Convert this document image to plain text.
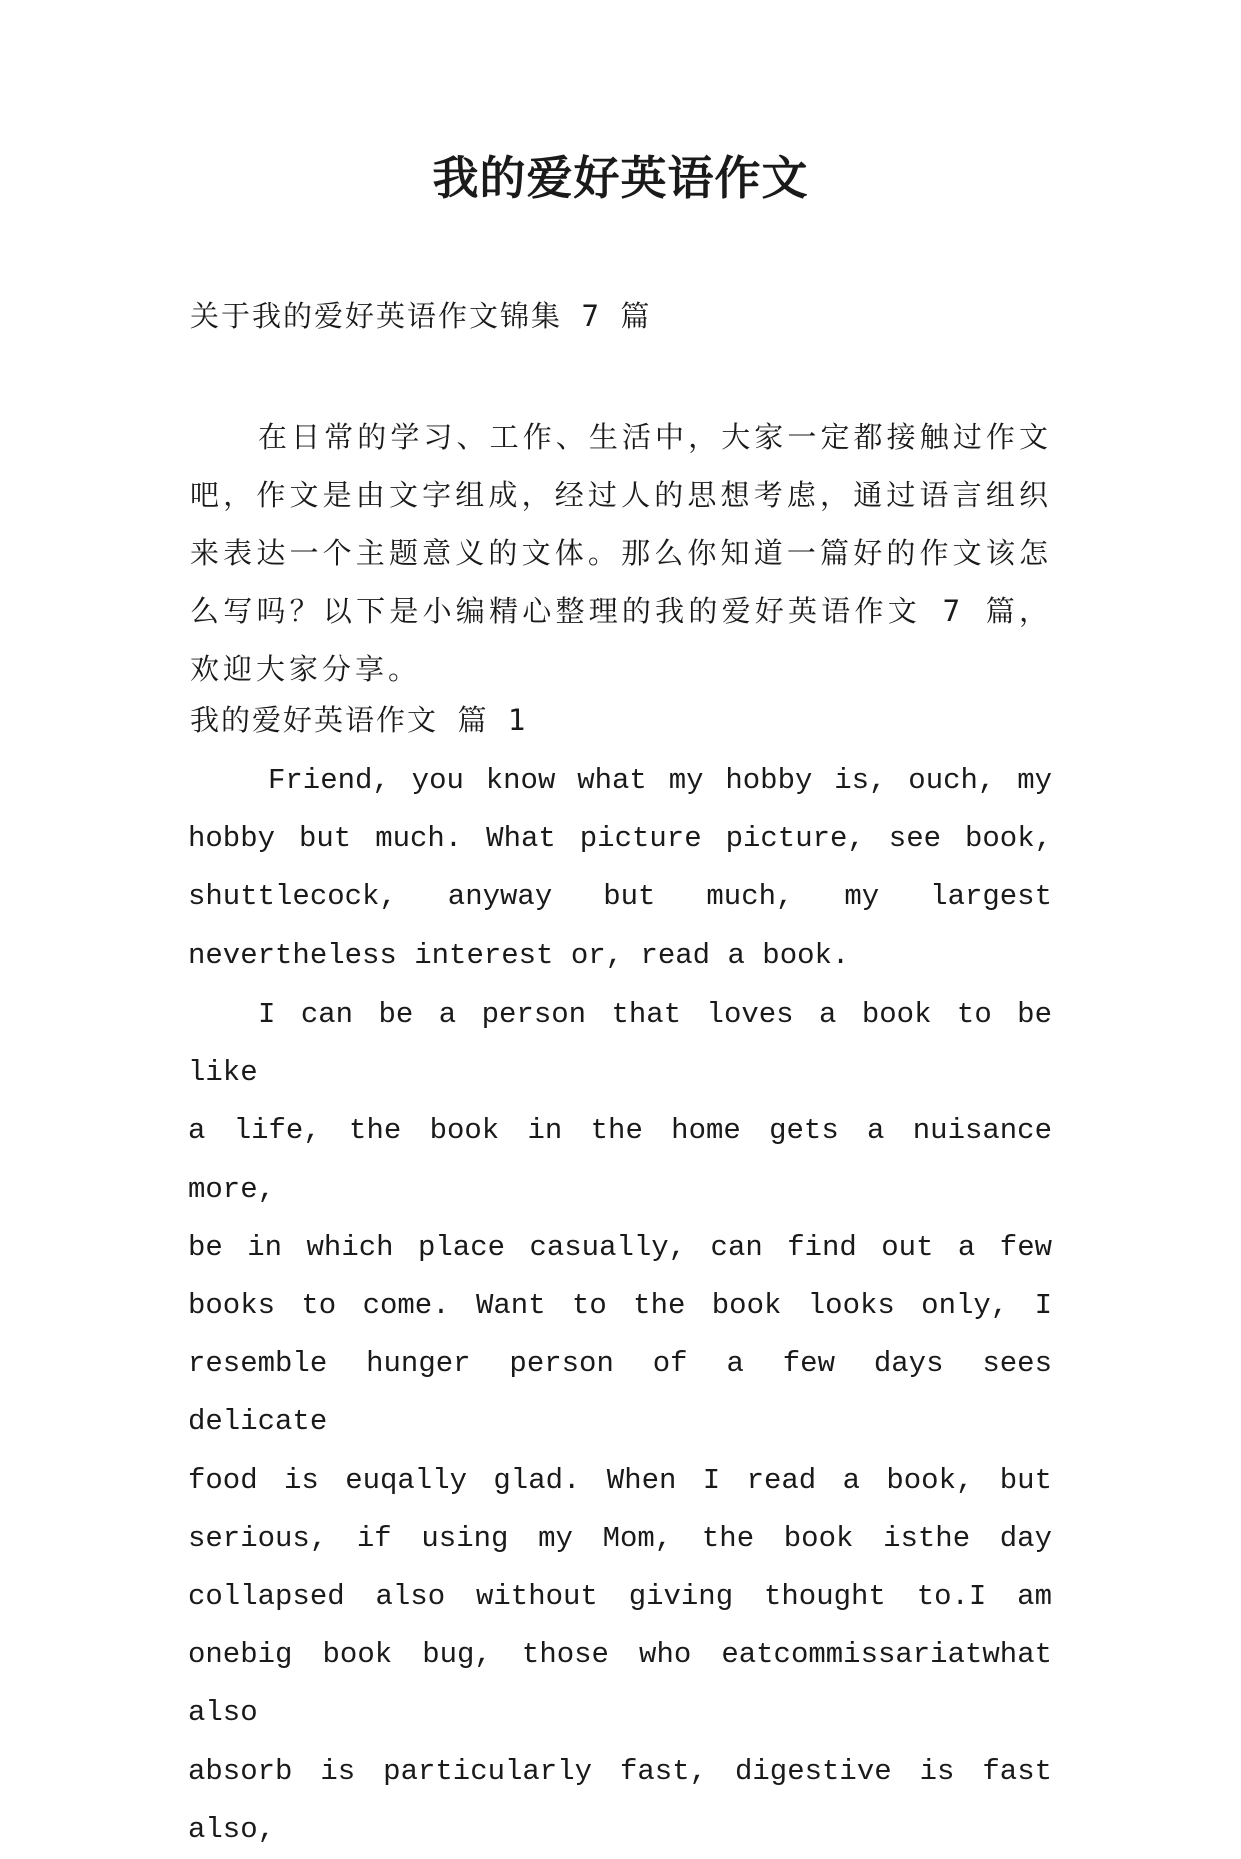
我的爱好英语作文
关于我的爱好英语作文锦集 7 篇

在日常的学习、工作、生活中，大家一定都接触过作文吧，作文是由文字组成，经过人的思想考虑，通过语言组织来表达一个主题意义的文体。那么你知道一篇好的作文该怎么写吗？以下是小编精心整理的我的爱好英语作文 7 篇，欢迎大家分享。

我的爱好英语作文 篇 1
Friend, you know what my hobby is, ouch, my
hobby but much. What picture picture, see book,
shuttlecock, anyway but much, my largest
nevertheless interest or, read a book.
I can be a person that loves a book to be like
a life, the book in the home gets a nuisance more,
be in which place casually, can find out a few
books to come. Want to the book looks only, I
resemble hunger person of a few days sees delicate
food is euqally glad. When I read a book, but
serious, if using my Mom, the book isthe day
collapsed also without giving thought to.I am
onebig book bug, those who eatcommissariatwhat also
absorb is particularly fast, digestive is fast also,
